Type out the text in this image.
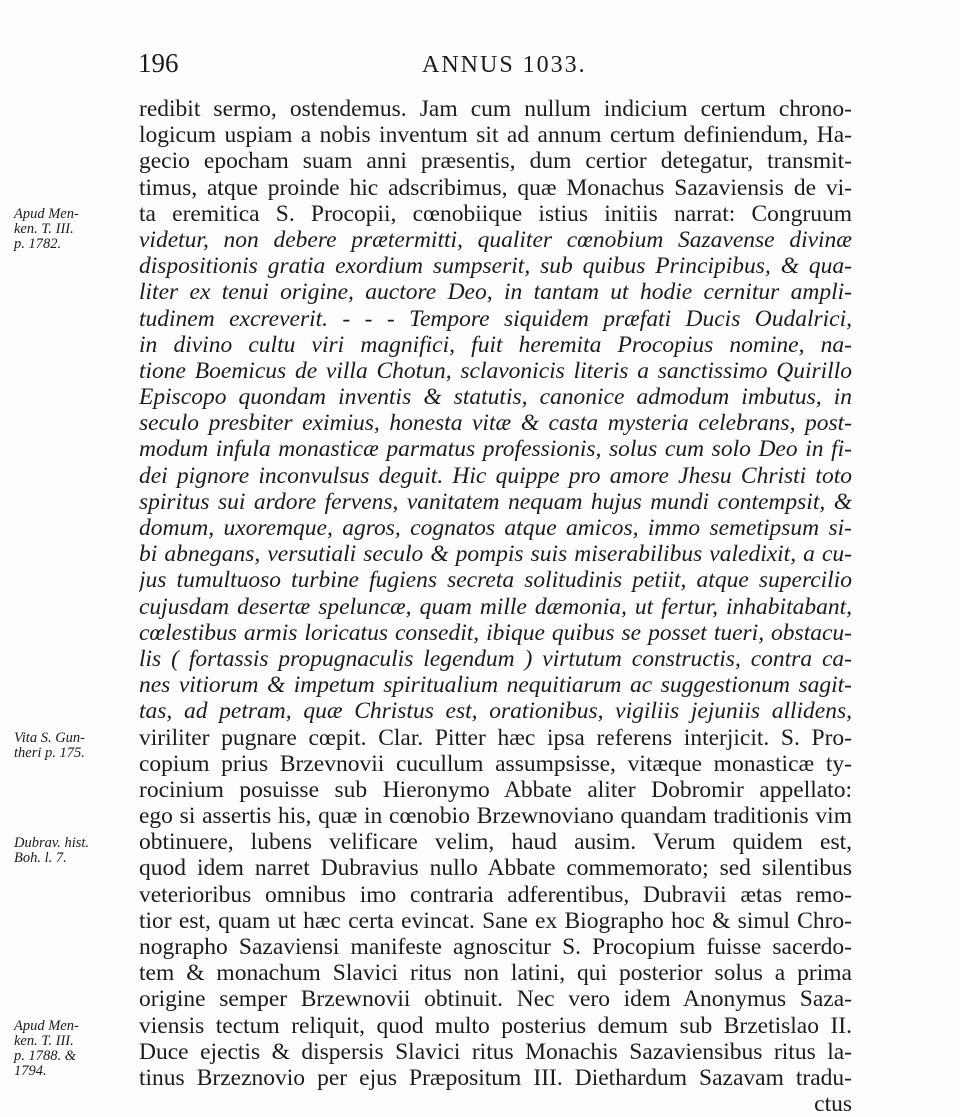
196	ANNUS 1033.
redibit sermo, ostendemus. Jam cum nullum indicium certum chrono-
logicum uspiam a nobis inventum sit ad annum certum definiendum, Ha-
gecio epocham suam anni præsentis, dum certior detegatur, transmit-
timus, atque proinde hic adscribimus, quæ Monachus Sazaviensis de vi-
ta eremitica S. Procopii, cœnobiique istius initiis narrat: Congruum
videtur, non debere prætermitti, qualiter cœnobium Sazavense divinæ
dispositionis gratia exordium sumpserit, sub quibus Principibus, & qua-
liter ex tenui origine, auctore Deo, in tantam ut hodie cernitur ampli-
tudinem excreverit. - - - Tempore siquidem præfati Ducis Oudalrici,
in divino cultu viri magnifici, fuit heremita Procopius nomine, na-
tione Boemicus de villa Chotun, sclavonicis literis a sanctissimo Quirillo
Episcopo quondam inventis & statutis, canonice admodum imbutus, in
seculo presbiter eximius, honesta vitæ & casta mysteria celebrans, post-
modum infula monasticæ parmatus professionis, solus cum solo Deo in fi-
dei pignore inconvulsus deguit. Hic quippe pro amore Jhesu Christi toto
spiritus sui ardore fervens, vanitatem nequam hujus mundi contempsit, &
domum, uxoremque, agros, cognatos atque amicos, immo semetipsum si-
bi abnegans, versutiali seculo & pompis suis miserabilibus valedixit, a cu-
jus tumultuoso turbine fugiens secreta solitudinis petiit, atque supercilio
cujusdam desertæ speluncæ, quam mille dæmonia, ut fertur, inhabitabant,
cœlestibus armis loricatus consedit, ibique quibus se posset tueri, obstacu-
lis ( fortassis propugnaculis legendum ) virtutum constructis, contra ca-
nes vitiorum & impetum spiritualium nequitiarum ac suggestionum sagit-
tas, ad petram, quæ Christus est, orationibus, vigiliis jejuniis allidens,
viriliter pugnare cœpit. Clar. Pitter hæc ipsa referens interjicit. S. Pro-
copium prius Brzevnovii cucullum assumpsisse, vitæque monasticæ ty-
rocinium posuisse sub Hieronymo Abbate aliter Dobromir appellato:
ego si assertis his, quæ in cœnobio Brzewnoviano quandam traditionis vim
obtinuere, lubens velificare velim, haud ausim. Verum quidem est,
quod idem narret Dubravius nullo Abbate commemorato; sed silentibus
veterioribus omnibus imo contraria adferentibus, Dubravii ætas remo-
tior est, quam ut hæc certa evincat. Sane ex Biographo hoc & simul Chro-
nographo Sazaviensi manifeste agnoscitur S. Procopium fuisse sacerdo-
tem & monachum Slavici ritus non latini, qui posterior solus a prima
origine semper Brzewnovii obtinuit. Nec vero idem Anonymus Saza-
viensis tectum reliquit, quod multo posterius demum sub Brzetislao II.
Duce ejectis & dispersis Slavici ritus Monachis Sazaviensibus ritus la-
tinus Brzeznovio per ejus Præpositum III. Diethardum Sazavam tradu-
ctus
Apud Men-
ken. T. III.
p. 1782.
Vita S. Gun-
theri p. 175.
Dubrav. hist.
Boh. l. 7.
Apud Men-
ken. T. III.
p. 1788. &
1794.
